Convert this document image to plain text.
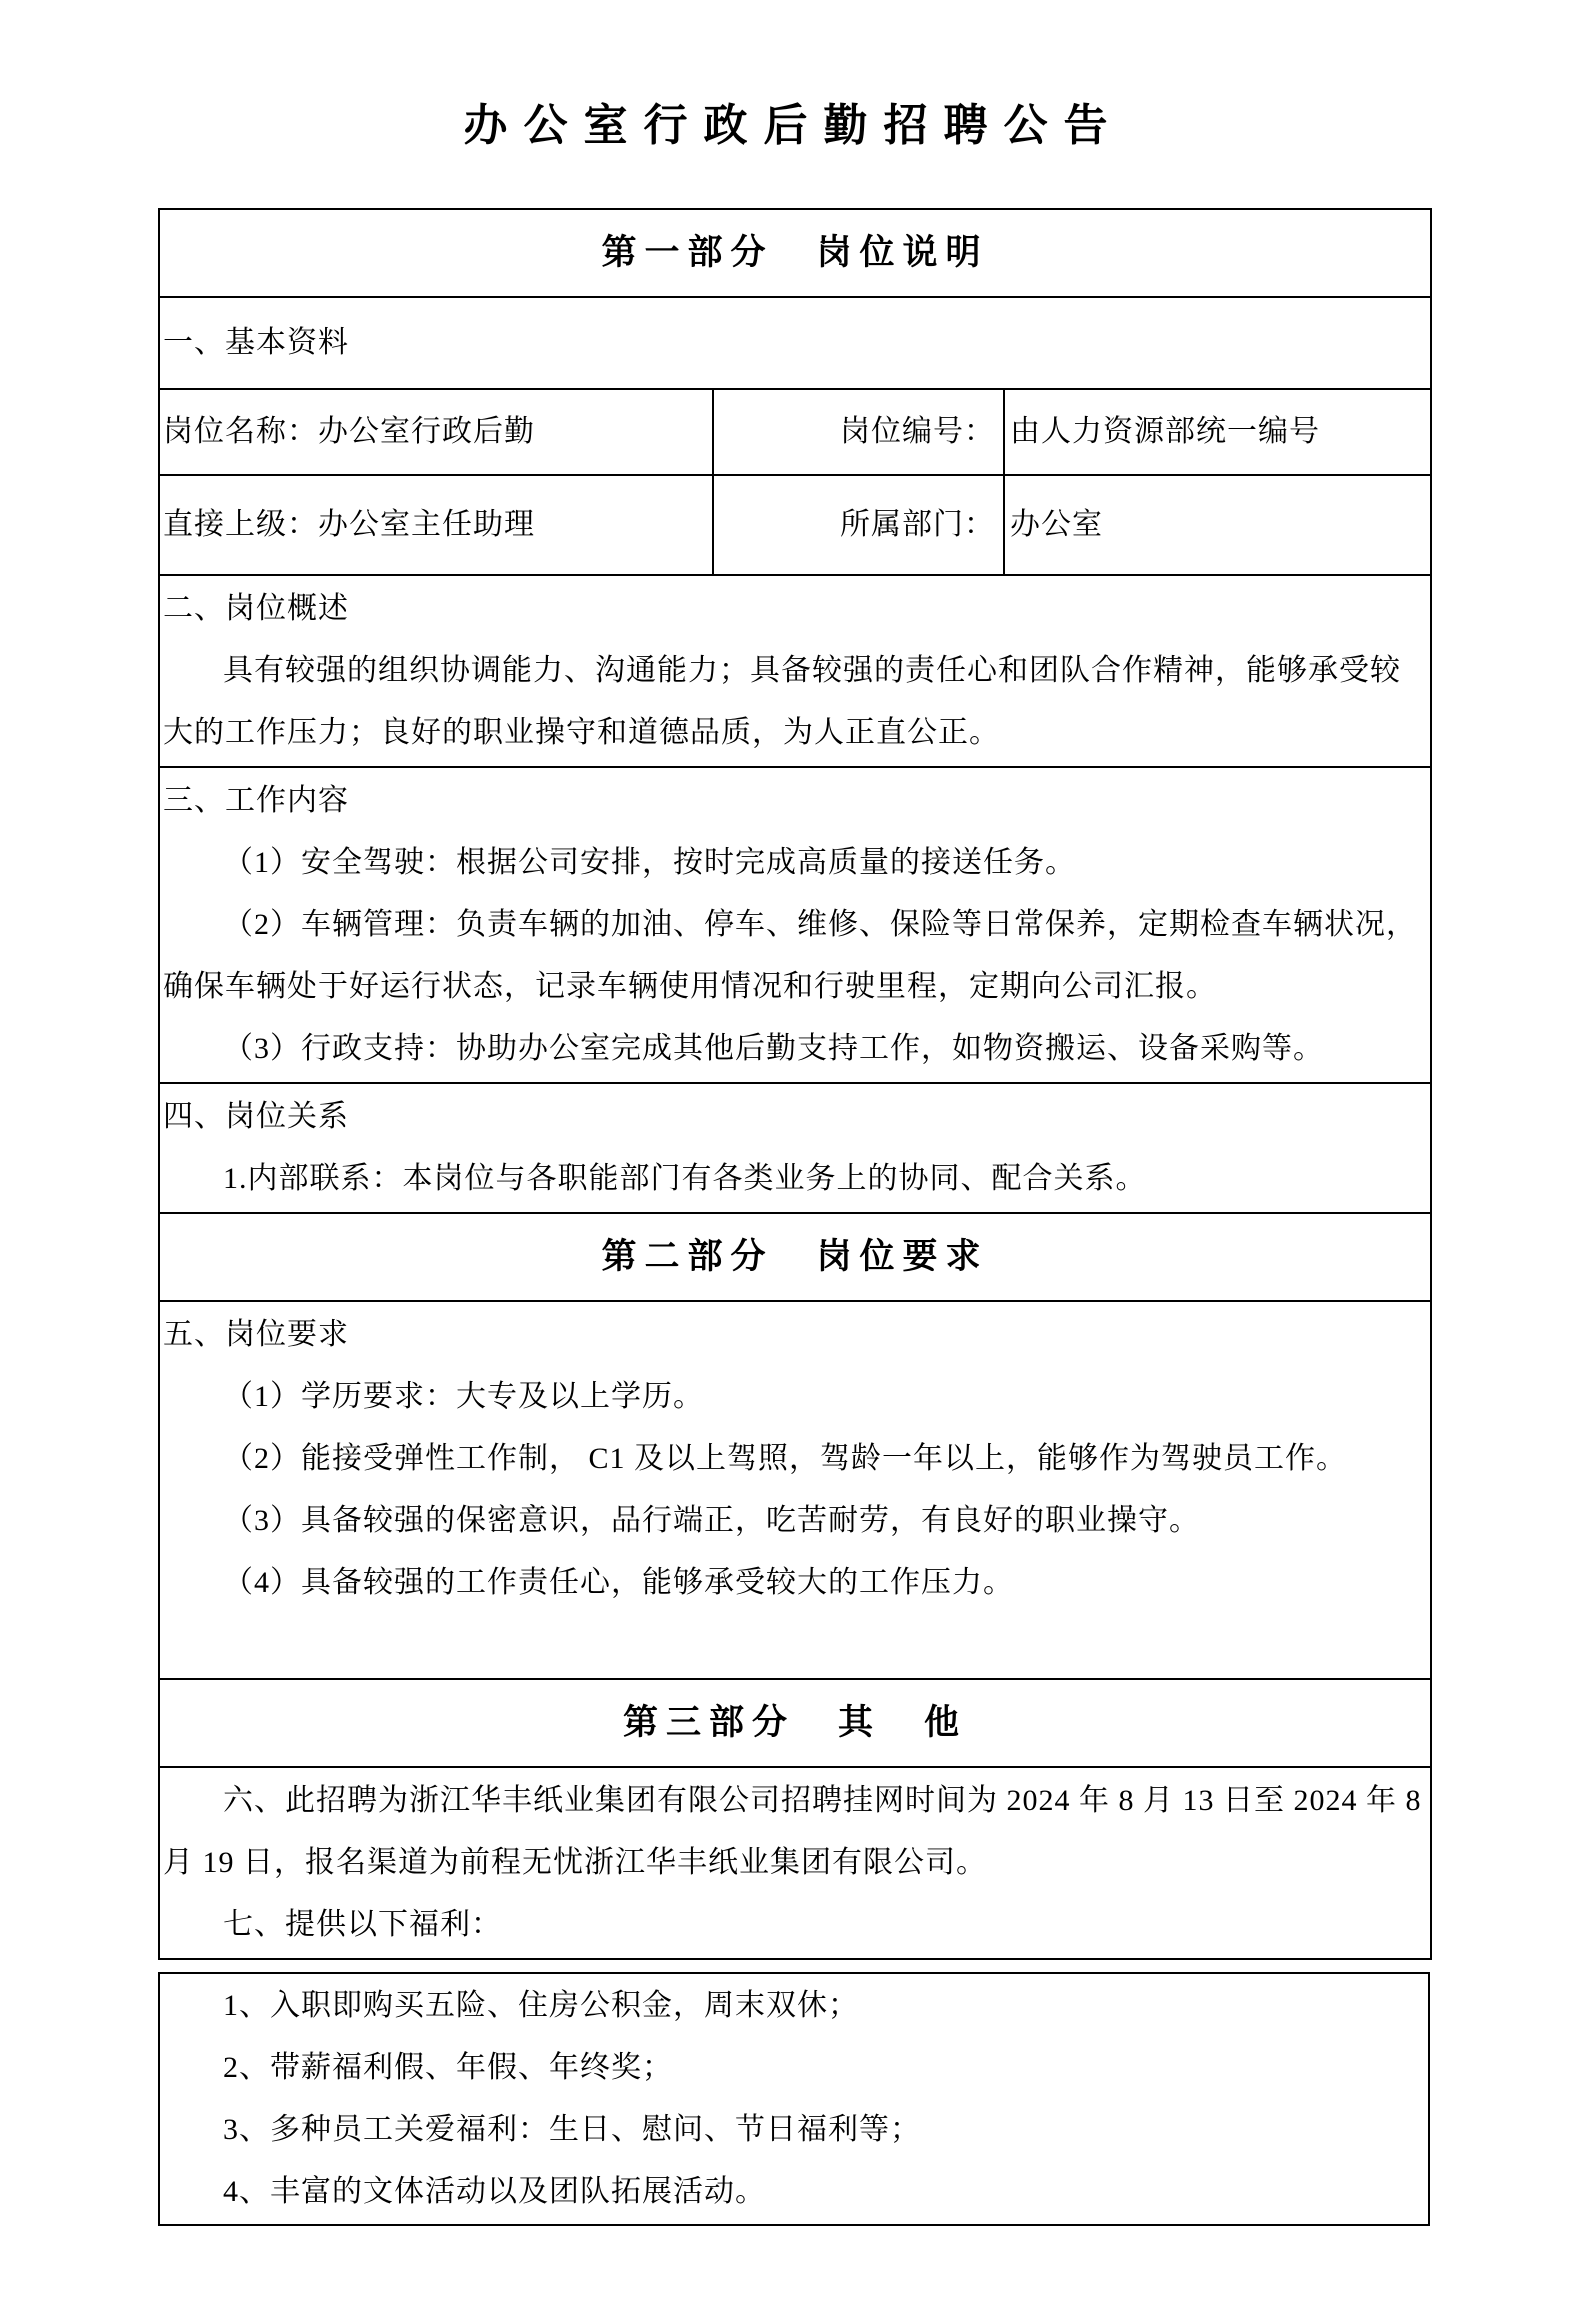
办公室行政后勤招聘公告
第一部分　岗位说明		
一、基本资料		
岗位名称：办公室行政后勤	岗位编号：	由人力资源部统一编号
直接上级：办公室主任助理	所属部门：	办公室

二、岗位概述

具有较强的组织协调能力、沟通能力；具备较强的责任心和团队合作精神，能够承受较大的工作压力；良好的职业操守和道德品质，为人正直公正。		

三、工作内容

（1）安全驾驶：根据公司安排，按时完成高质量的接送任务。

（2）车辆管理：负责车辆的加油、停车、维修、保险等日常保养，定期检查车辆状况，确保车辆处于好运行状态，记录车辆使用情况和行驶里程，定期向公司汇报。

（3）行政支持：协助办公室完成其他后勤支持工作，如物资搬运、设备采购等。		

四、岗位关系

1.内部联系：本岗位与各职能部门有各类业务上的协同、配合关系。		

第二部分　岗位要求		

五、岗位要求

（1）学历要求：大专及以上学历。

（2）能接受弹性工作制， C1 及以上驾照，驾龄一年以上，能够作为驾驶员工作。

（3）具备较强的保密意识，品行端正，吃苦耐劳，有良好的职业操守。

（4）具备较强的工作责任心，能够承受较大的工作压力。		

第三部分　其　他		

六、此招聘为浙江华丰纸业集团有限公司招聘挂网时间为 2024 年 8 月 13 日至 2024 年 8 月 19 日，报名渠道为前程无忧浙江华丰纸业集团有限公司。

七、提供以下福利：		

1、入职即购买五险、住房公积金，周末双休；

2、带薪福利假、年假、年终奖；

3、多种员工关爱福利：生日、慰问、节日福利等；

4、丰富的文体活动以及团队拓展活动。
